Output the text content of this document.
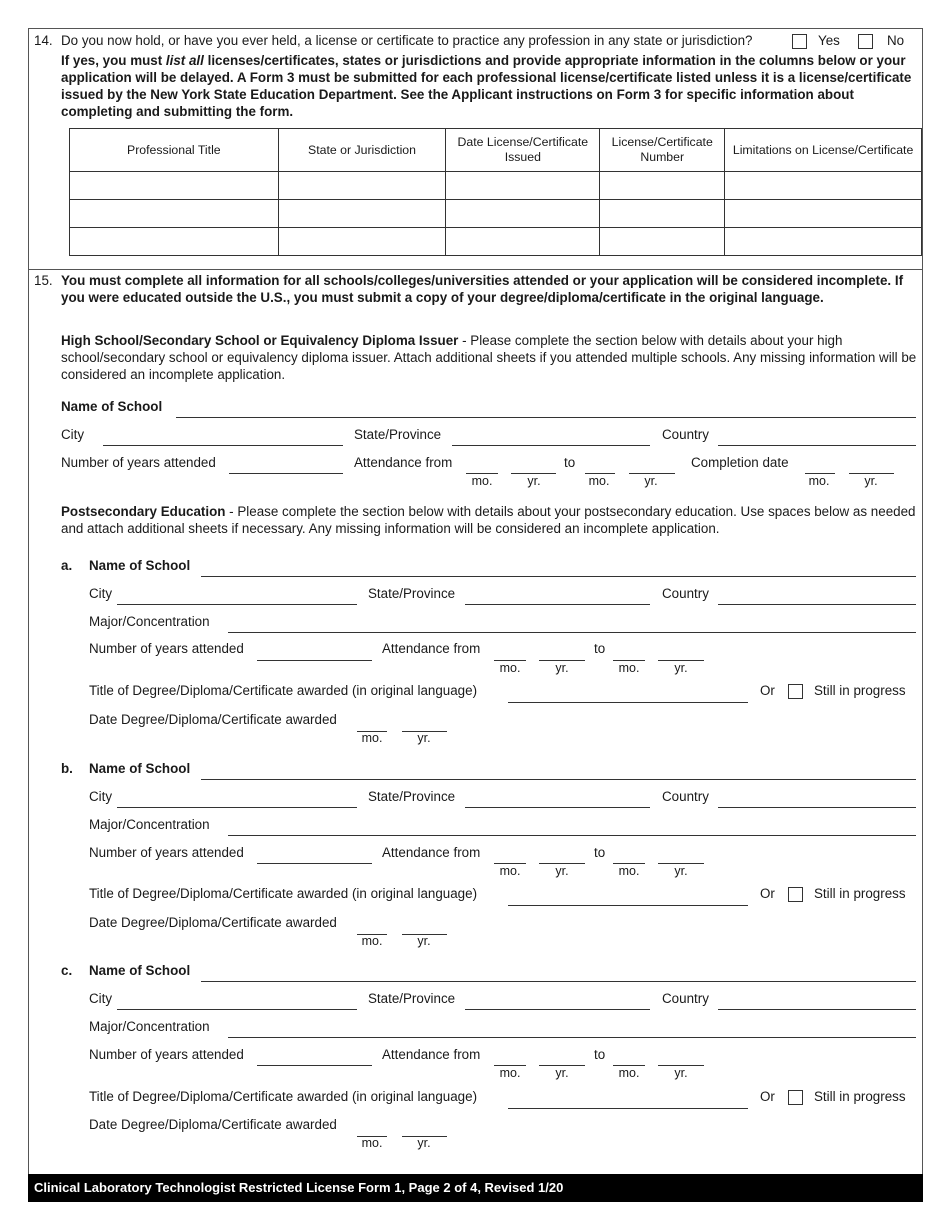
14. Do you now hold, or have you ever held, a license or certificate to practice any profession in any state or jurisdiction?	Yes	No
If yes, you must list all licenses/certificates, states or jurisdictions and provide appropriate information in the columns below or your application will be delayed. A Form 3 must be submitted for each professional license/certificate listed unless it is a license/certificate issued by the New York State Education Department. See the Applicant instructions on Form 3 for specific information about completing and submitting the form.
Professional Title	State or Jurisdiction	Date License/Certificate Issued	License/Certificate Number	Limitations on License/Certificate

15. You must complete all information for all schools/colleges/universities attended or your application will be considered incomplete. If you were educated outside the U.S., you must submit a copy of your degree/diploma/certificate in the original language.
High School/Secondary School or Equivalency Diploma Issuer - Please complete the section below with details about your high school/secondary school or equivalency diploma issuer. Attach additional sheets if you attended multiple schools. Any missing information will be considered an incomplete application.
Name of School
City	State/Province	Country
Number of years attended	Attendance from
mo.	yr.
to
mo.	yr.
Completion date
mo.	yr.
Postsecondary Education - Please complete the section below with details about your postsecondary education. Use spaces below as needed and attach additional sheets if necessary. Any missing information will be considered an incomplete application.
a. Name of School
City	State/Province	Country
Major/Concentration
Number of years attended	Attendance from
mo.	yr.
to
mo.	yr.
Title of Degree/Diploma/Certificate awarded (in original language)	Or	Still in progress
Date Degree/Diploma/Certificate awarded
mo.	yr.
b. Name of School
City	State/Province	Country
Major/Concentration
Number of years attended	Attendance from
mo.	yr.
to
mo.	yr.
Title of Degree/Diploma/Certificate awarded (in original language)	Or	Still in progress
Date Degree/Diploma/Certificate awarded
mo.	yr.
c. Name of School
City	State/Province	Country
Major/Concentration
Number of years attended	Attendance from
mo.	yr.
to
mo.	yr.
Title of Degree/Diploma/Certificate awarded (in original language)	Or	Still in progress
Date Degree/Diploma/Certificate awarded
mo.	yr.
Clinical Laboratory Technologist Restricted License Form 1, Page 2 of 4, Revised 1/20
